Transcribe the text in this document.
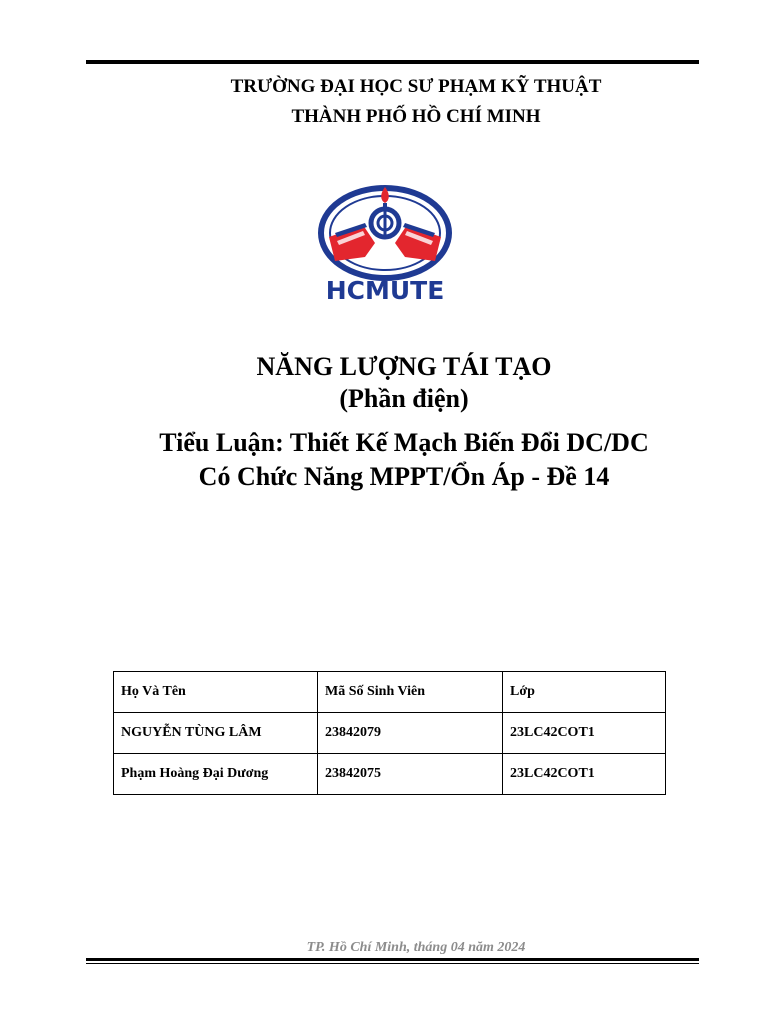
TRƯỜNG ĐẠI HỌC SƯ PHẠM KỸ THUẬT
THÀNH PHỐ HỒ CHÍ MINH
HCMUTE
NĂNG LƯỢNG TÁI TẠO
(Phần điện)
Tiểu Luận: Thiết Kế Mạch Biến Đổi DC/DC
Có Chức Năng MPPT/Ổn Áp - Đề 14
Họ Và Tên	Mã Số Sinh Viên	Lớp
NGUYỄN TÙNG LÂM	23842079	23LC42COT1
Phạm Hoàng Đại Dương	23842075	23LC42COT1
TP. Hồ Chí Minh, tháng 04 năm 2024
